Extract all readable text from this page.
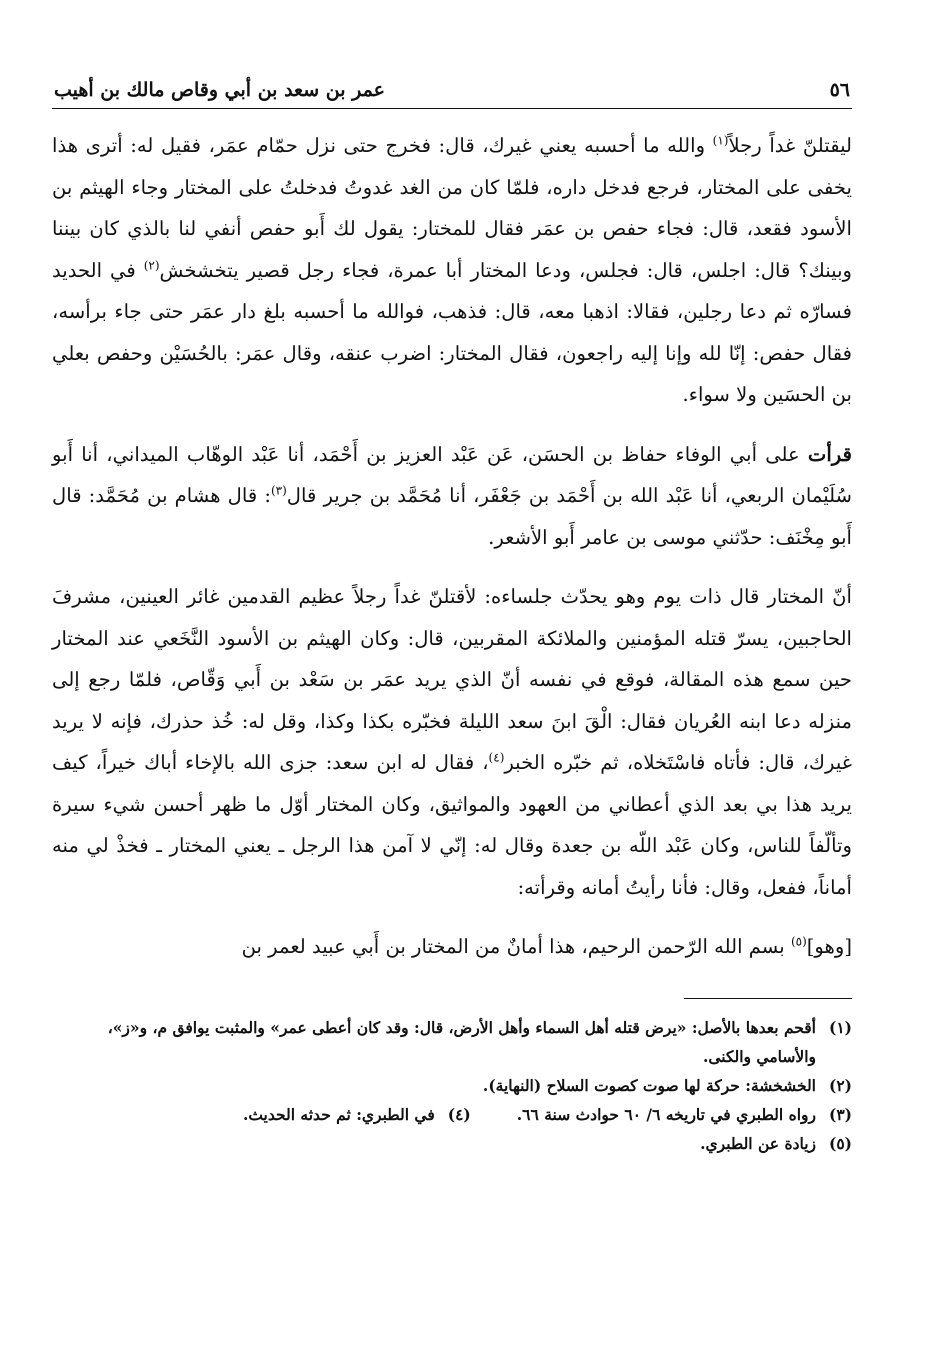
٥٦
عمر بن سعد بن أبي وقاص مالك بن أهيب

ليقتلنّ غداً رجلاً$^{(١)}$ والله ما أحسبه يعني غيرك، قال: فخرج حتى نزل حمّام عمَر، فقيل له: أترى هذا يخفى على المختار، فرجع فدخل داره، فلمّا كان من الغد غدوتُ فدخلتُ على المختار وجاء الهيثم بن الأسود فقعد، قال: فجاء حفص بن عمَر فقال للمختار: يقول لك أَبو حفص أنفي لنا بالذي كان بيننا وبينك؟ قال: اجلس، قال: فجلس، ودعا المختار أبا عمرة، فجاء رجل قصير يتخشخش$^{(٢)}$ في الحديد فسارّه ثم دعا رجلين، فقالا: اذهبا معه، قال: فذهب، فوالله ما أحسبه بلغ دار عمَر حتى جاء برأسه، فقال حفص: إنّا لله وإنا إليه راجعون، فقال المختار: اضرب عنقه، وقال عمَر: بالحُسَيْن وحفص بعلي بن الحسَين ولا سواء.

قرأت على أبي الوفاء حفاظ بن الحسَن، عَن عَبْد العزيز بن أَحْمَد، أنا عَبْد الوهّاب الميداني، أنا أَبو سُلَيْمان الربعي، أنا عَبْد الله بن أَحْمَد بن جَعْفَر، أنا مُحَمَّد بن جرير قال$^{(٣)}$: قال هشام بن مُحَمَّد: قال أَبو مِخْنَف: حدّثني موسى بن عامر أَبو الأشعر.

أنّ المختار قال ذات يوم وهو يحدّث جلساءه: لأقتلنّ غداً رجلاً عظيم القدمين غائر العينين، مشرفَ الحاجبين، يسرّ قتله المؤمنين والملائكة المقربين، قال: وكان الهيثم بن الأسود النَّخَعي عند المختار حين سمع هذه المقالة، فوقع في نفسه أنّ الذي يريد عمَر بن سَعْد بن أَبي وَقّاص، فلمّا رجع إلى منزله دعا ابنه العُريان فقال: الْقَ ابنَ سعد الليلة فخبّره بكذا وكذا، وقل له: خُذ حذرك، فإنه لا يريد غيرك، قال: فأتاه فاسْتَخلاه، ثم خبّره الخبر$^{(٤)}$، فقال له ابن سعد: جزى الله بالإخاء أباك خيراً، كيف يريد هذا بي بعد الذي أعطاني من العهود والمواثيق، وكان المختار أوّل ما ظهر أحسن شيء سيرة وتألّفاً للناس، وكان عَبْد اللّه بن جعدة وقال له: إنّي لا آمن هذا الرجل ـ يعني المختار ـ فخذْ لي منه أماناً، ففعل، وقال: فأنا رأيتُ أمانه وقرأته:

[وهو]$^{(٥)}$ بسم الله الرّحمن الرحيم، هذا أمانٌ من المختار بن أَبي عبيد لعمر بن

(١)
أقحم بعدها بالأصل: «يرض قتله أهل السماء وأهل الأرض، قال: وقد كان أعطى عمر» والمثبت يوافق م، و«ز»، والأسامي والكنى.
(٢)
الخشخشة: حركة لها صوت كصوت السلاح (النهاية).
(٣)
رواه الطبري في تاريخه ٦/ ٦٠ حوادث سنة ٦٦.
(٤)
في الطبري: ثم حدثه الحديث.
(٥)
زيادة عن الطبري.
